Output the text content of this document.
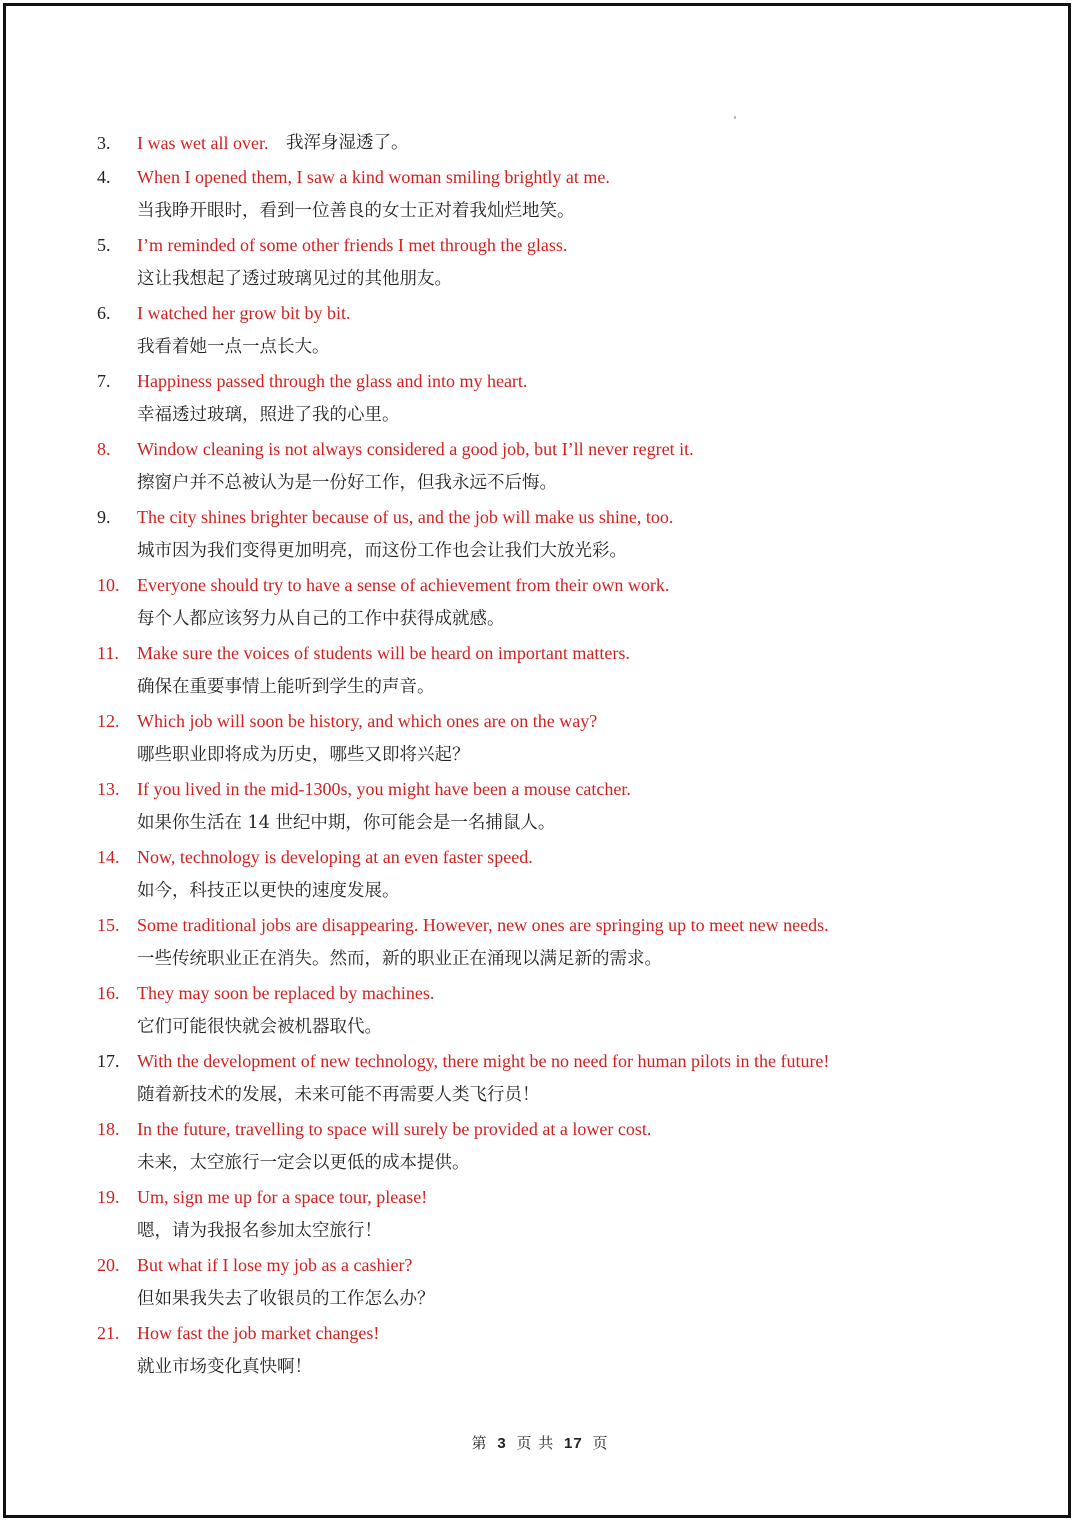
3. I was wet all over. 我浑身湿透了。
4. When I opened them, I saw a kind woman smiling brightly at me.
当我睁开眼时，看到一位善良的女士正对着我灿烂地笑。
5. I’m reminded of some other friends I met through the glass.
这让我想起了透过玻璃见过的其他朋友。
6. I watched her grow bit by bit.
我看着她一点一点长大。
7. Happiness passed through the glass and into my heart.
幸福透过玻璃，照进了我的心里。
8. Window cleaning is not always considered a good job, but I’ll never regret it.
擦窗户并不总被认为是一份好工作，但我永远不后悔。
9. The city shines brighter because of us, and the job will make us shine, too.
城市因为我们变得更加明亮，而这份工作也会让我们大放光彩。
10. Everyone should try to have a sense of achievement from their own work.
每个人都应该努力从自己的工作中获得成就感。
11. Make sure the voices of students will be heard on important matters.
确保在重要事情上能听到学生的声音。
12. Which job will soon be history, and which ones are on the way?
哪些职业即将成为历史，哪些又即将兴起？
13. If you lived in the mid-1300s, you might have been a mouse catcher.
如果你生活在 14 世纪中期，你可能会是一名捕鼠人。
14. Now, technology is developing at an even faster speed.
如今，科技正以更快的速度发展。
15. Some traditional jobs are disappearing. However, new ones are springing up to meet new needs.
一些传统职业正在消失。然而，新的职业正在涌现以满足新的需求。
16. They may soon be replaced by machines.
它们可能很快就会被机器取代。
17. With the development of new technology, there might be no need for human pilots in the future!
随着新技术的发展，未来可能不再需要人类飞行员！
18. In the future, travelling to space will surely be provided at a lower cost.
未来，太空旅行一定会以更低的成本提供。
19. Um, sign me up for a space tour, please!
嗯，请为我报名参加太空旅行！
20. But what if I lose my job as a cashier?
但如果我失去了收银员的工作怎么办？
21. How fast the job market changes!
就业市场变化真快啊！
第 3 页 共 17 页
